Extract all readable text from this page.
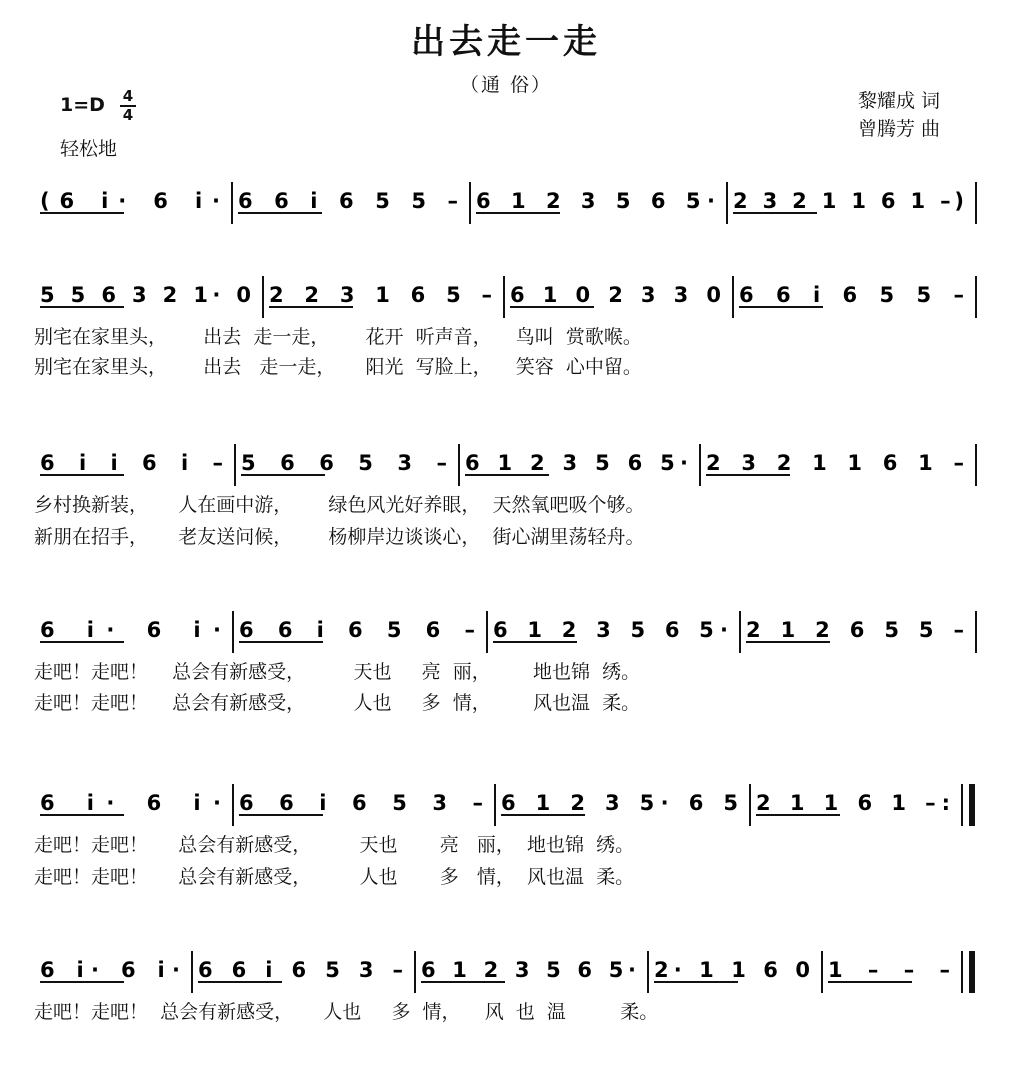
出去走一走
（通 俗）
1=D 4
4
轻松地
黎耀成 词
曾腾芳 曲
(6 i· 6 i· 6 6 i 6 5 5 – 6 1 2 3 5 6 5· 2 3 2 1 1 6 1 –)
5 5 6 3 2 1· 0 2 2 3 1 6 5 – 6 1 0 2 3 3 0 6 6 i 6 5 5 –
别宅在家里头，      出去  走一走，      花开  听声音，    鸟叫  赏歌喉。
别宅在家里头，      出去   走一走，     阳光  写脸上，    笑容  心中留。
6 i i 6 i – 5 6 6 5 3 – 6 1 2 3 5 6 5· 2 3 2 1 1 6 1 –
乡村换新装，     人在画中游，      绿色风光好养眼，  天然氧吧吸个够。
新朋在招手，     老友送问候，      杨柳岸边谈谈心，  街心湖里荡轻舟。
6 i· 6 i· 6 6 i 6 5 6 – 6 1 2 3 5 6 5· 2 1 2 6 5 5 –
走吧！走吧！    总会有新感受，        天也     亮  丽，       地也锦  绣。
走吧！走吧！    总会有新感受，        人也     多  情，       风也温  柔。
6 i· 6 i· 6 6 i 6 5 3 – 6 1 2 3 5· 6 5 2 1 1 6 1 –:
走吧！走吧！     总会有新感受，        天也       亮   丽，  地也锦  绣。
走吧！走吧！     总会有新感受，        人也       多   情，  风也温  柔。
6 i· 6 i· 6 6 i 6 5 3 – 6 1 2 3 5 6 5· 2· 1 1 6 0 1 – – –
走吧！走吧！  总会有新感受，     人也     多  情，    风  也  温         柔。
